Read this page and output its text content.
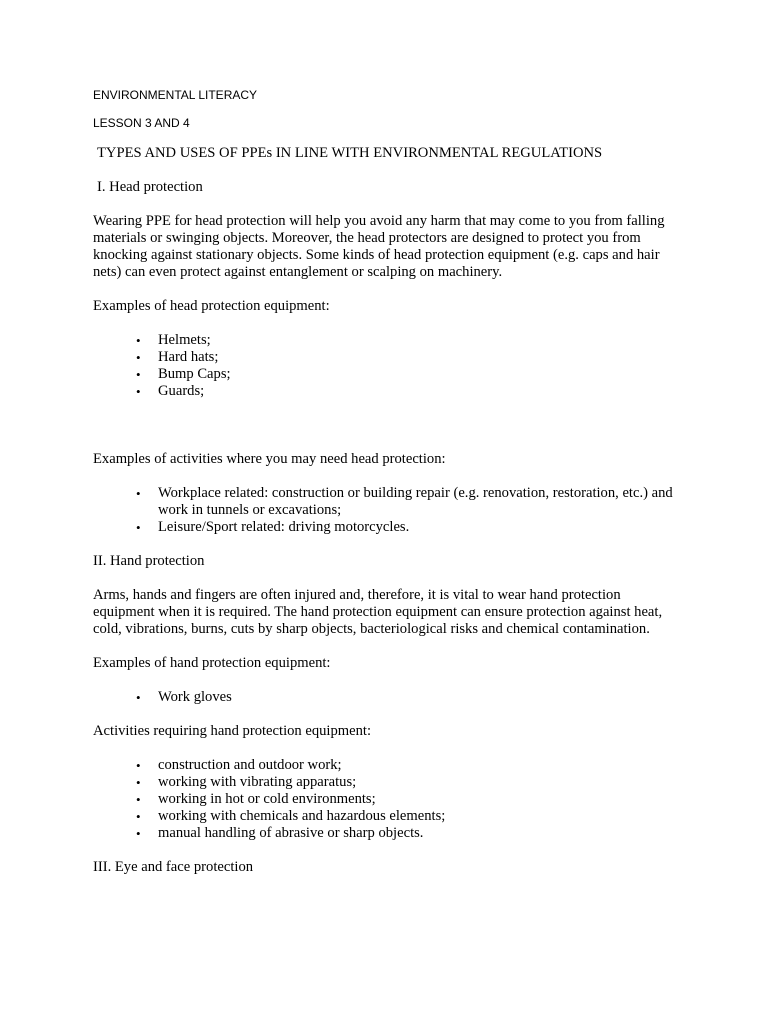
ENVIRONMENTAL LITERACY

LESSON 3 AND 4

TYPES AND USES OF PPEs IN LINE WITH ENVIRONMENTAL REGULATIONS

I. Head protection

Wearing PPE for head protection will help you avoid any harm that may come to you from falling materials or swinging objects. Moreover, the head protectors are designed to protect you from knocking against stationary objects. Some kinds of head protection equipment (e.g. caps and hair nets) can even protect against entanglement or scalping on machinery.

Examples of head protection equipment:

• Helmets;
• Hard hats;
• Bump Caps;
• Guards;

Examples of activities where you may need head protection:

• Workplace related: construction or building repair (e.g. renovation, restoration, etc.) and work in tunnels or excavations;
• Leisure/Sport related: driving motorcycles.

II. Hand protection

Arms, hands and fingers are often injured and, therefore, it is vital to wear hand protection equipment when it is required. The hand protection equipment can ensure protection against heat, cold, vibrations, burns, cuts by sharp objects, bacteriological risks and chemical contamination.

Examples of hand protection equipment:

• Work gloves

Activities requiring hand protection equipment:

• construction and outdoor work;
• working with vibrating apparatus;
• working in hot or cold environments;
• working with chemicals and hazardous elements;
• manual handling of abrasive or sharp objects.

III. Eye and face protection
